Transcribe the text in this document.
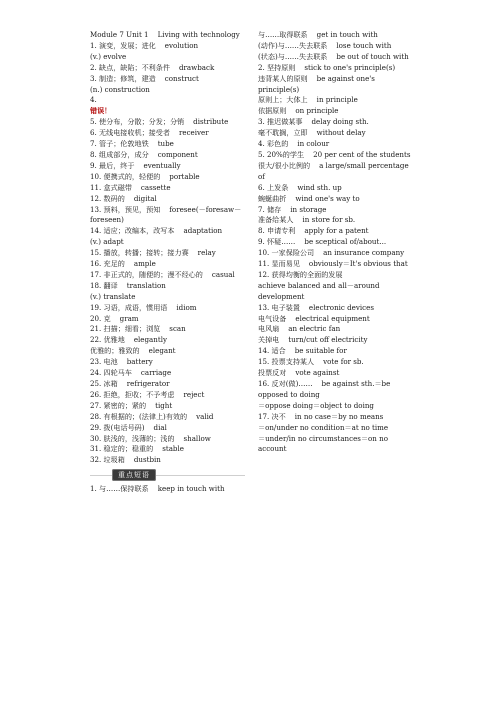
Module 7 Unit 1    Living with technology
1. 演变，发展；进化    evolution
(v.) evolve
2. 缺点，缺陷；不利条件    drawback
3. 制造；修筑，建造    construct
(n.) construction
4.
错误！
5. 使分布，分散；分发；分销    distribute
6. 无线电接收机；接受者    receiver
7. 管子；伦敦地铁    tube
8. 组成部分，成分    component
9. 最后，终于    eventually
10. 便携式的，轻便的    portable
11. 盒式磁带    cassette
12. 数码的    digital
13. 预料，预见，预知    foresee(－foresaw－foreseen)
14. 适应；改编本，改写本    adaptation
(v.) adapt
15. 播放，转播；接转；接力赛    relay
16. 充足的    ample
17. 非正式的，随便的；漫不经心的    casual
18. 翻译    translation
(v.) translate
19. 习语，成语，惯用语    idiom
20. 克    gram
21. 扫描；细看；浏览    scan
22. 优雅地    elegantly
优雅的；雅致的    elegant
23. 电池    battery
24. 四轮马车    carriage
25. 冰箱    refrigerator
26. 拒绝，拒收；不予考虑    reject
27. 紧密的；紧的    tight
28. 有根据的；(法律上)有效的    valid
29. 拨(电话号码)    dial
30. 肤浅的，浅薄的；浅的    shallow
31. 稳定的；稳重的    stable
32. 垃圾箱    dustbin
重点短语
1. 与……保持联系    keep in touch with
与……取得联系    get in touch with
(动作)与……失去联系    lose touch with
(状态)与……失去联系    be out of touch with
2. 坚持原则    stick to one's principle(s)
违背某人的原则    be against one's principle(s)
原则上；大体上    in principle
依据原则    on principle
3. 推迟做某事    delay doing sth.
毫不耽搁，立即    without delay
4. 彩色的    in colour
5. 20%的学生    20 per cent of the students
很大/很小比例的    a large/small percentage of
6. 上发条    wind sth. up
蜿蜒曲折    wind one's way to
7. 储存    in storage
准备给某人    in store for sb.
8. 申请专利    apply for a patent
9. 怀疑……    be sceptical of/about...
10. 一家保险公司    an insurance company
11. 显而易见    obviously＝It's obvious that
12. 获得均衡的全面的发展
achieve balanced and all－around development
13. 电子装置    electronic devices
电气设备    electrical equipment
电风扇    an electric fan
关掉电    turn/cut off electricity
14. 适合    be suitable for
15. 投票支持某人    vote for sb.
投票反对    vote against
16. 反对(做)……    be against sth.＝be opposed to doing
＝oppose doing＝object to doing
17. 决不    in no case＝by no means
＝on/under no condition＝at no time
＝under/in no circumstances＝on no account
